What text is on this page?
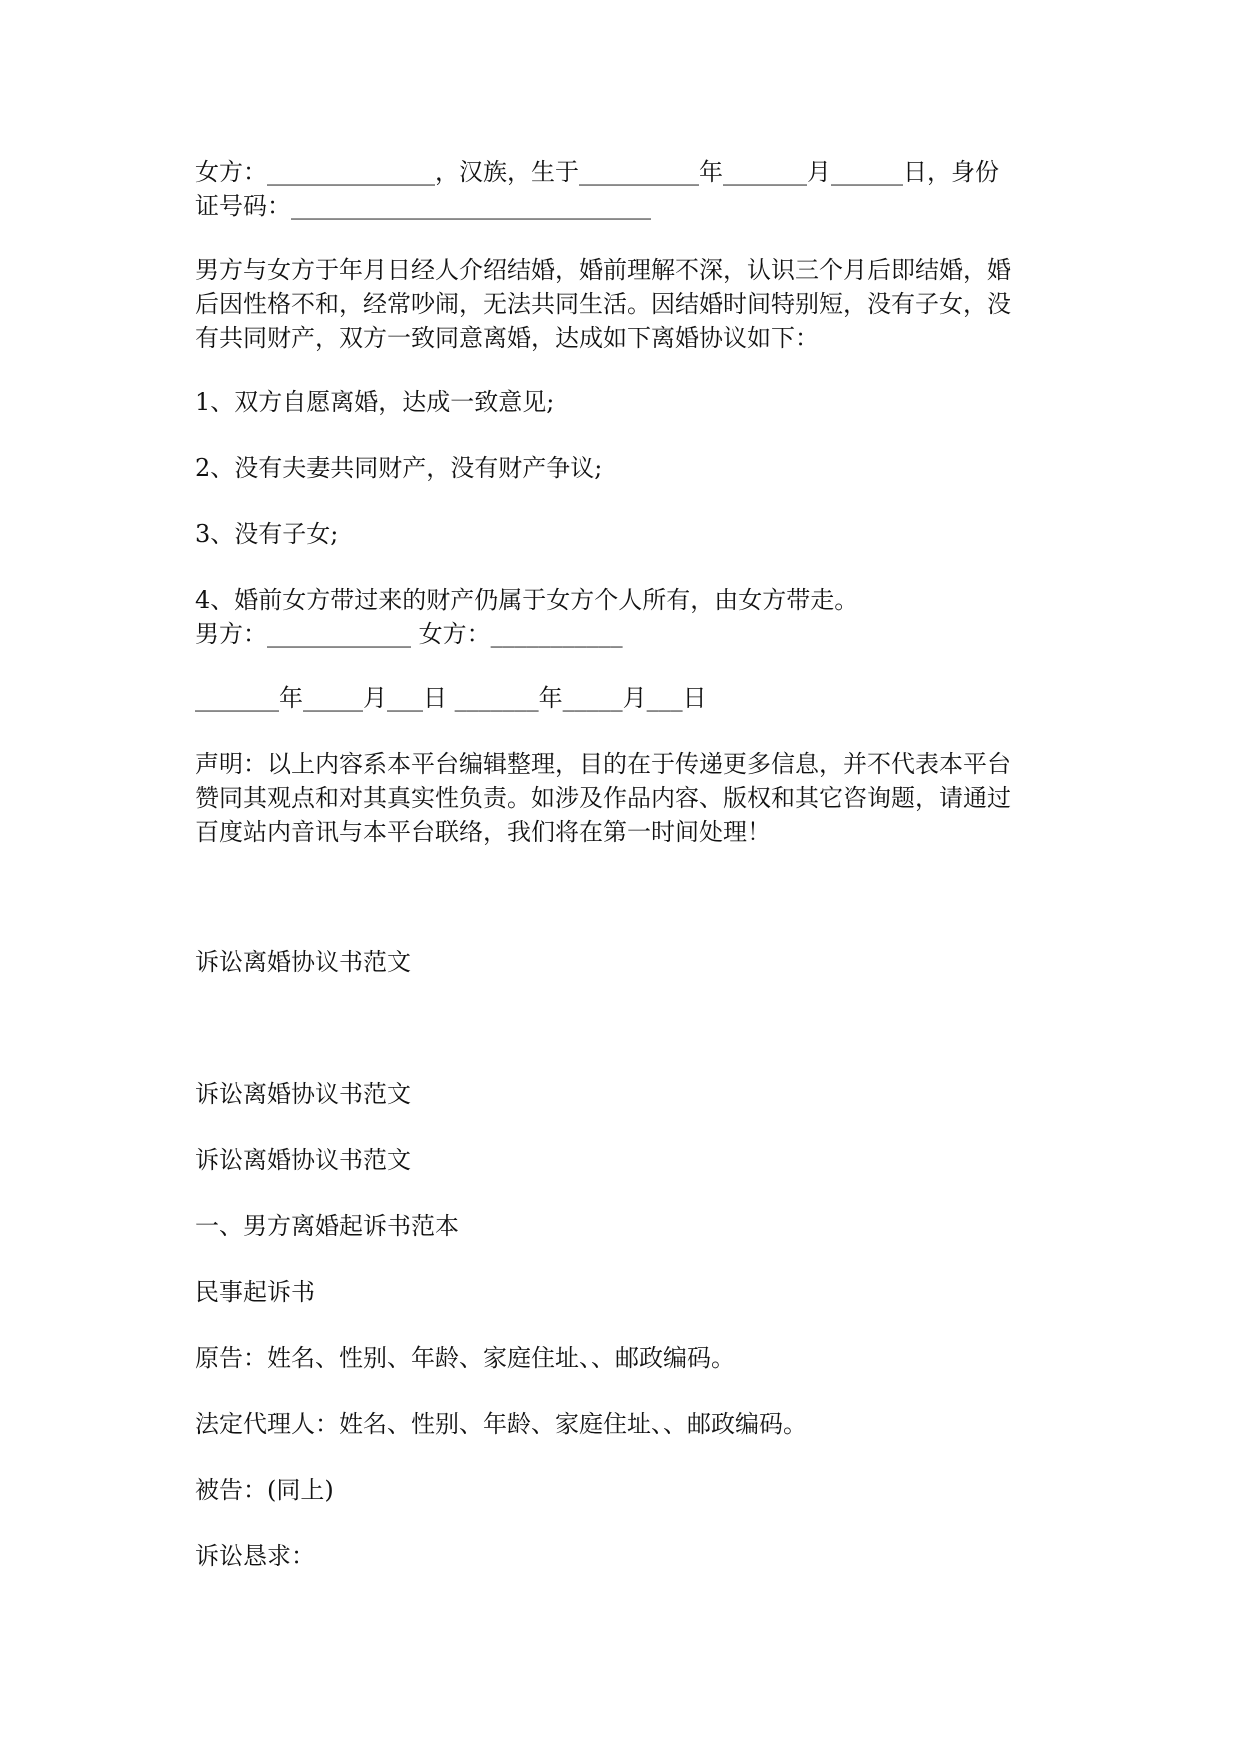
女方：______________，汉族，生于__________年_______月______日，身份

证号码：______________________________

男方与女方于年月日经人介绍结婚，婚前理解不深，认识三个月后即结婚，婚

后因性格不和，经常吵闹，无法共同生活。因结婚时间特别短，没有子女，没

有共同财产，双方一致同意离婚，达成如下离婚协议如下：

1、双方自愿离婚，达成一致意见;

2、没有夫妻共同财产，没有财产争议;

3、没有子女;

4、婚前女方带过来的财产仍属于女方个人所有，由女方带走。

男方：____________ 女方：___________

_______年_____月___日 _______年_____月___日

声明：以上内容系本平台编辑整理，目的在于传递更多信息，并不代表本平台

赞同其观点和对其真实性负责。如涉及作品内容、版权和其它咨询题，请通过

百度站内音讯与本平台联络，我们将在第一时间处理！

诉讼离婚协议书范文

诉讼离婚协议书范文

诉讼离婚协议书范文

一、男方离婚起诉书范本

民事起诉书

原告：姓名、性别、年龄、家庭住址、、邮政编码。

法定代理人：姓名、性别、年龄、家庭住址、、邮政编码。

被告：(同上)

诉讼恳求：
